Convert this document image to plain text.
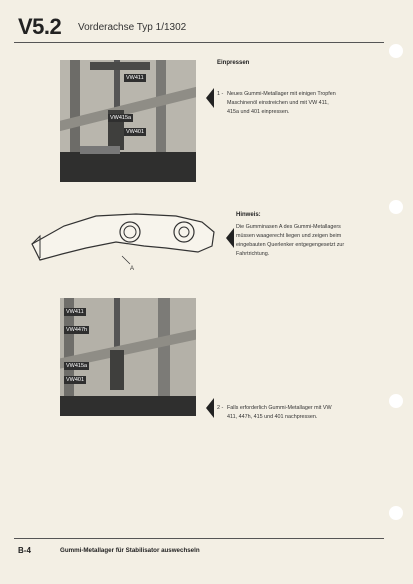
V5.2 Vorderachse Typ 1/1302
VW411
VW415a
VW401
Einpressen
1 - Neues Gummi-Metallager mit einigen Tropfen
Maschinenöl einstreichen und mit VW 411,
415a und 401 einpressen.
A
Hinweis:
Die Gumminasen A des Gummi-Metallagers
müssen waagerecht liegen und zeigen beim
eingebauten Querlenker entgegengesetzt zur
Fahrtrichtung.
VW411
VW447h
VW415a
VW401
2 - Falls erforderlich Gummi-Metallager mit VW
411, 447h, 415 und 401 nachpressen.
B-4	Gummi-Metallager für Stabilisator auswechseln
